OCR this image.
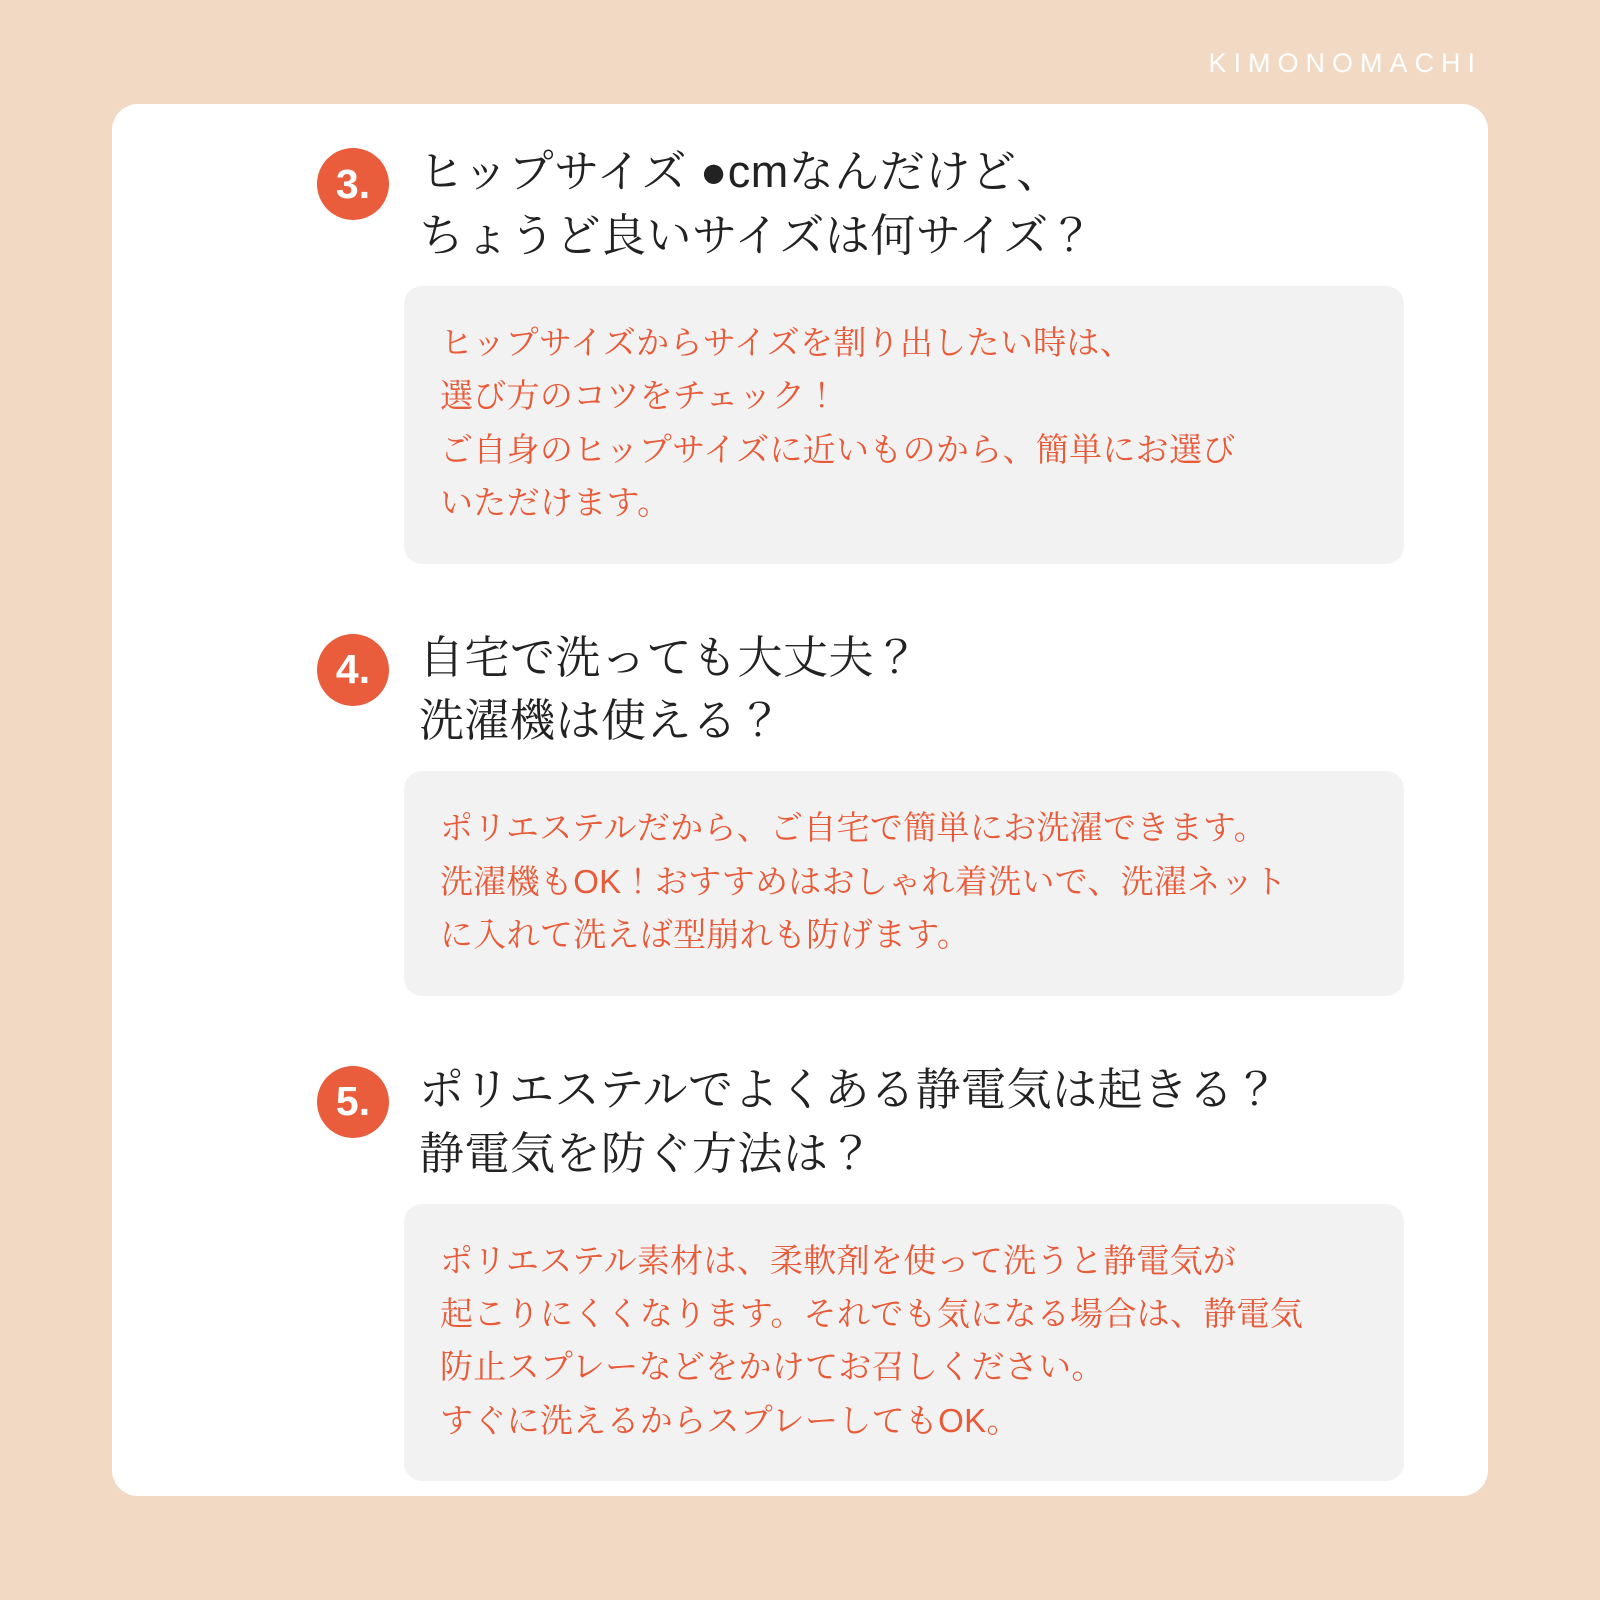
KIMONOMACHI
3.	ヒップサイズ ●cmなんだけど、
ちょうど良いサイズは何サイズ？

ヒップサイズからサイズを割り出したい時は、

選び方のコツをチェック！

ご自身のヒップサイズに近いものから、簡単にお選び

いただけます。

4.	自宅で洗っても大丈夫？
洗濯機は使える？

ポリエステルだから、ご自宅で簡単にお洗濯できます。

洗濯機もOK！おすすめはおしゃれ着洗いで、洗濯ネット

に入れて洗えば型崩れも防げます。

5.	ポリエステルでよくある静電気は起きる？
静電気を防ぐ方法は？

ポリエステル素材は、柔軟剤を使って洗うと静電気が

起こりにくくなります。それでも気になる場合は、静電気

防止スプレーなどをかけてお召しください。

すぐに洗えるからスプレーしてもOK。
